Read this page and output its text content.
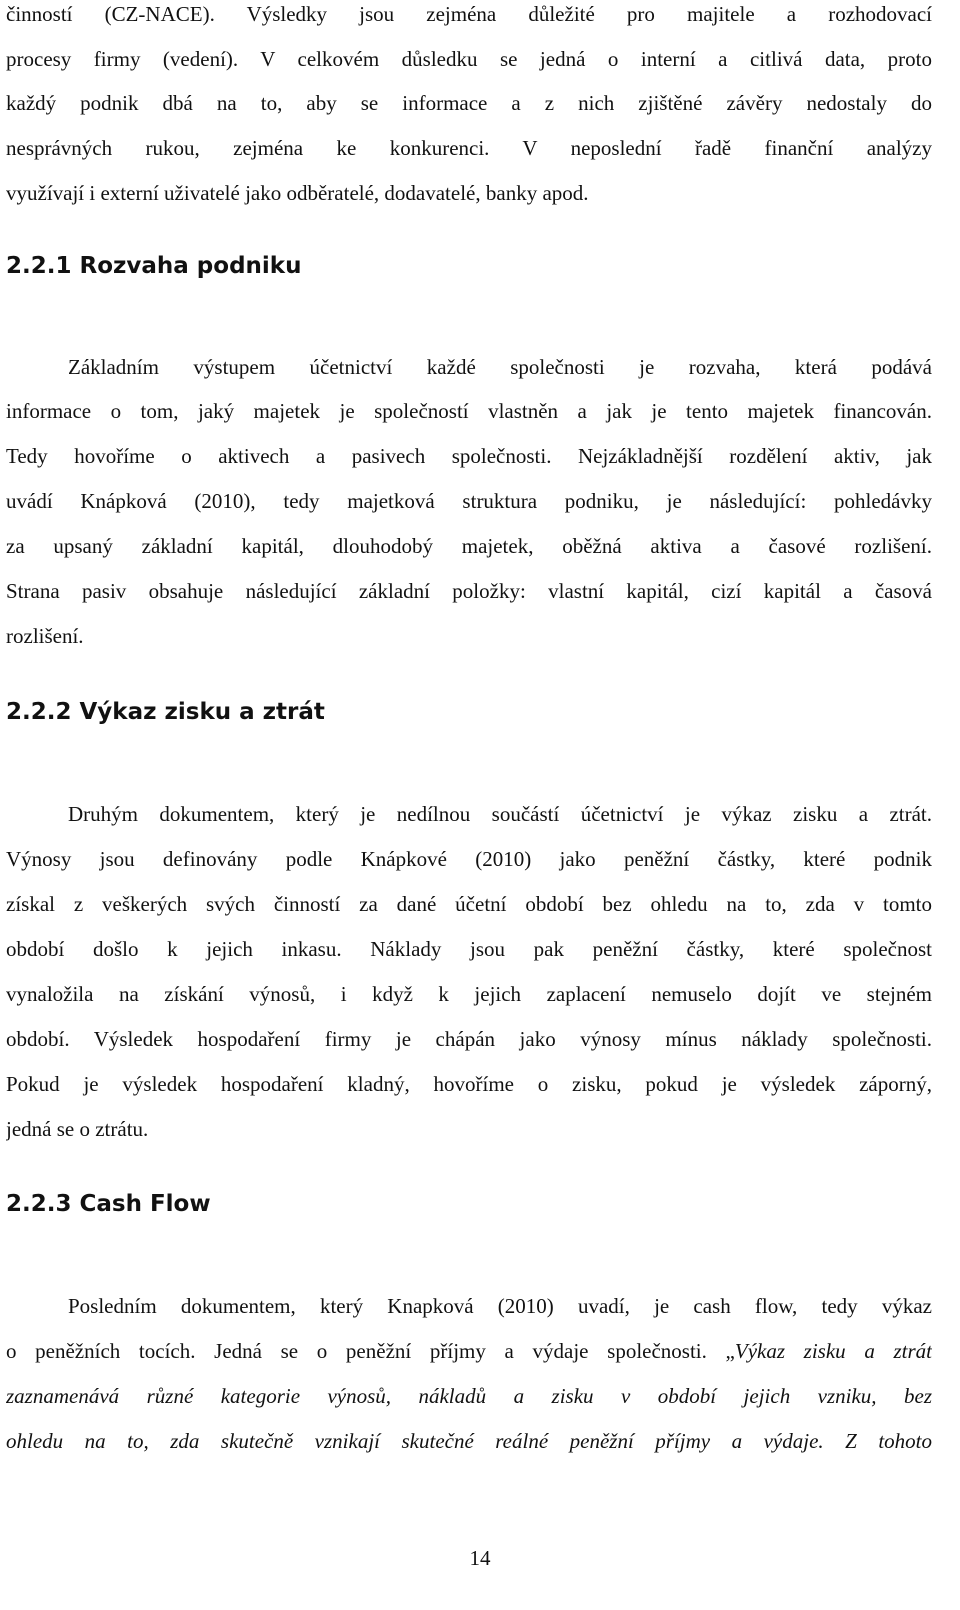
činností (CZ-NACE). Výsledky jsou zejména důležité pro majitele a rozhodovací
procesy firmy (vedení). V celkovém důsledku se jedná o interní a citlivá data, proto
každý podnik dbá na to, aby se informace a z nich zjištěné závěry nedostaly do
nesprávných rukou, zejména ke konkurenci. V neposlední řadě finanční analýzy
využívají i externí uživatelé jako odběratelé, dodavatelé, banky apod.
2.2.1 Rozvaha podniku
Základním výstupem účetnictví každé společnosti je rozvaha, která podává
informace o tom, jaký majetek je společností vlastněn a jak je tento majetek financován.
Tedy hovoříme o aktivech a pasivech společnosti. Nejzákladnější rozdělení aktiv, jak
uvádí Knápková (2010), tedy majetková struktura podniku, je následující: pohledávky
za upsaný základní kapitál, dlouhodobý majetek, oběžná aktiva a časové rozlišení.
Strana pasiv obsahuje následující základní položky: vlastní kapitál, cizí kapitál a časová
rozlišení.
2.2.2 Výkaz zisku a ztrát
Druhým dokumentem, který je nedílnou součástí účetnictví je výkaz zisku a ztrát.
Výnosy jsou definovány podle Knápkové (2010) jako peněžní částky, které podnik
získal z veškerých svých činností za dané účetní období bez ohledu na to, zda v tomto
období došlo k jejich inkasu. Náklady jsou pak peněžní částky, které společnost
vynaložila na získání výnosů, i když k jejich zaplacení nemuselo dojít ve stejném
období. Výsledek hospodaření firmy je chápán jako výnosy mínus náklady společnosti.
Pokud je výsledek hospodaření kladný, hovoříme o zisku, pokud je výsledek záporný,
jedná se o ztrátu.
2.2.3 Cash Flow
Posledním dokumentem, který Knapková (2010) uvadí, je cash flow, tedy výkaz
o peněžních tocích. Jedná se o peněžní příjmy a výdaje společnosti. „Výkaz zisku a ztrát
zaznamenává různé kategorie výnosů, nákladů a zisku v období jejich vzniku, bez
ohledu na to, zda skutečně vznikají skutečné reálné peněžní příjmy a výdaje. Z tohoto
14
